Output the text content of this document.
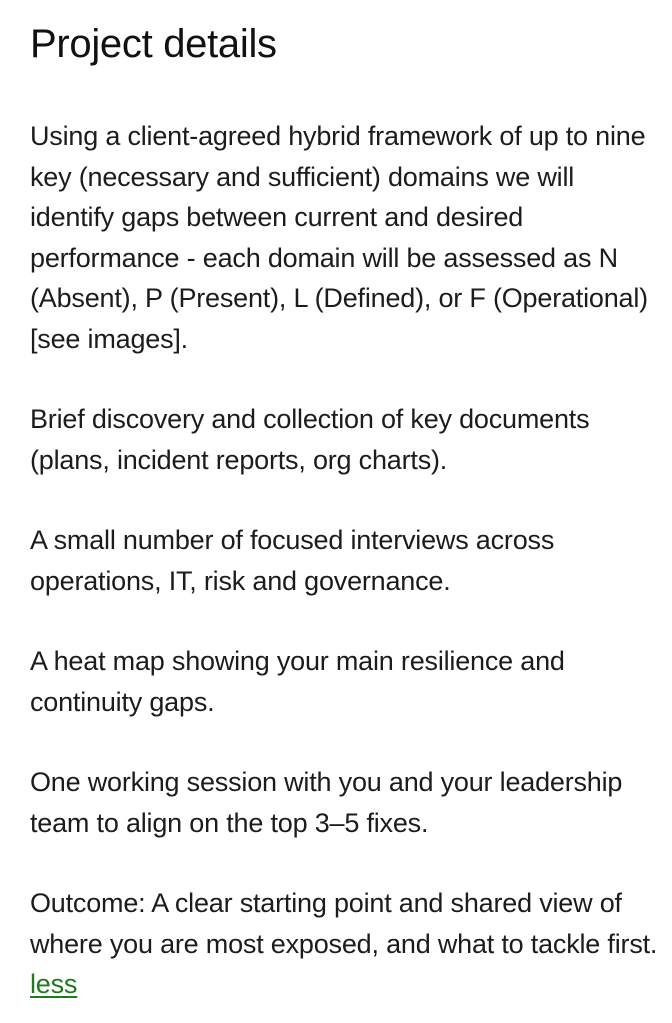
Project details

Using a client-agreed hybrid framework of up to nine key (necessary and sufficient) domains we will identify gaps between current and desired performance - each domain will be assessed as N (Absent), P (Present), L (Defined), or F (Operational) [see images].

Brief discovery and collection of key documents (plans, incident reports, org charts).

A small number of focused interviews across operations, IT, risk and governance.

A heat map showing your main resilience and continuity gaps.

One working session with you and your leadership team to align on the top 3–5 fixes.

Outcome: A clear starting point and shared view of where you are most exposed, and what to tackle first. less
